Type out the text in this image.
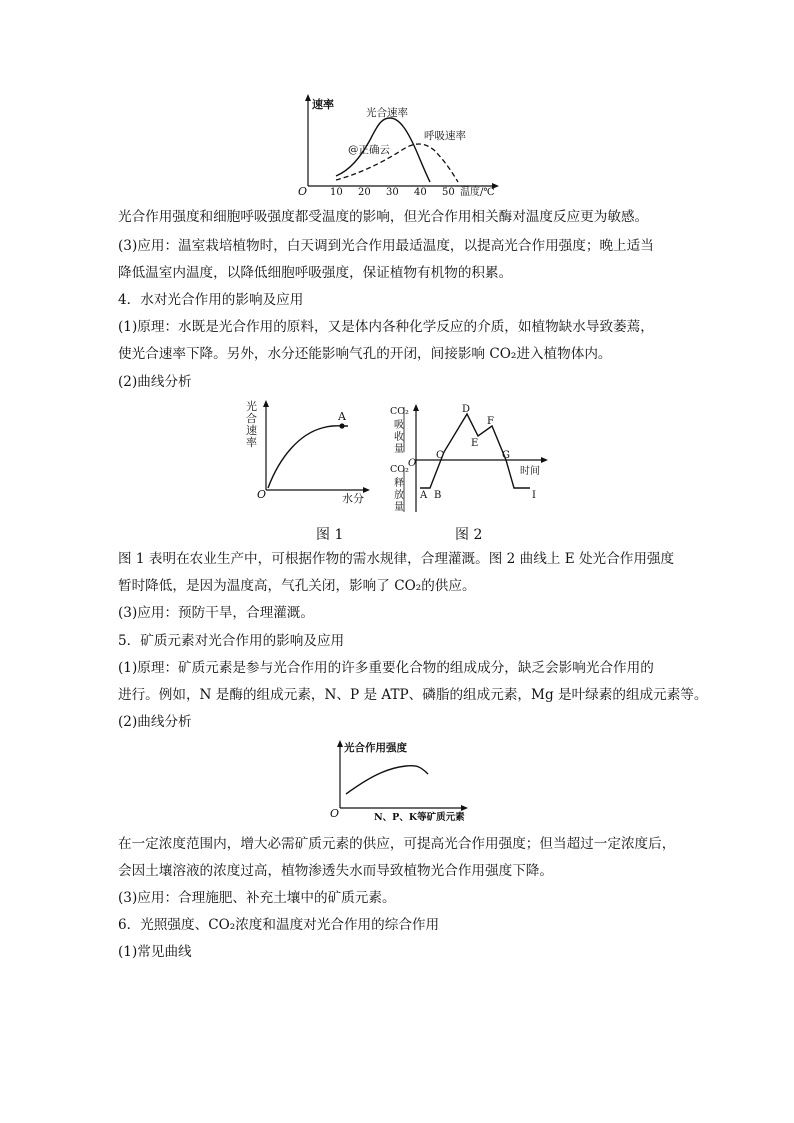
速率
光合速率
呼吸速率
@正确云
O 10 20 30 40 50 温度/℃
光合作用强度和细胞呼吸强度都受温度的影响，但光合作用相关酶对温度反应更为敏感。
(3)应用：温室栽培植物时，白天调到光合作用最适温度，以提高光合作用强度；晚上适当
降低温室内温度，以降低细胞呼吸强度，保证植物有机物的积累。
4．水对光合作用的影响及应用
(1)原理：水既是光合作用的原料，又是体内各种化学反应的介质，如植物缺水导致萎蔫，
使光合速率下降。另外，水分还能影响气孔的开闭，间接影响 CO₂进入植物体内。
(2)曲线分析
光
合
速
率
A
O	水分
CO₂
吸
收
量
CO₂
释
放
量
O
A B
C
D
E
F
G
I
时间
图 1	图 2
图 1 表明在农业生产中，可根据作物的需水规律，合理灌溉。图 2 曲线上 E 处光合作用强度
暂时降低，是因为温度高，气孔关闭，影响了 CO₂的供应。
(3)应用：预防干旱，合理灌溉。
5．矿质元素对光合作用的影响及应用
(1)原理：矿质元素是参与光合作用的许多重要化合物的组成成分，缺乏会影响光合作用的
进行。例如，N 是酶的组成元素，N、P 是 ATP、磷脂的组成元素，Mg 是叶绿素的组成元素等。
(2)曲线分析
光合作用强度
O	N、P、K等矿质元素
在一定浓度范围内，增大必需矿质元素的供应，可提高光合作用强度；但当超过一定浓度后，
会因土壤溶液的浓度过高，植物渗透失水而导致植物光合作用强度下降。
(3)应用：合理施肥、补充土壤中的矿质元素。
6．光照强度、CO₂浓度和温度对光合作用的综合作用
(1)常见曲线
